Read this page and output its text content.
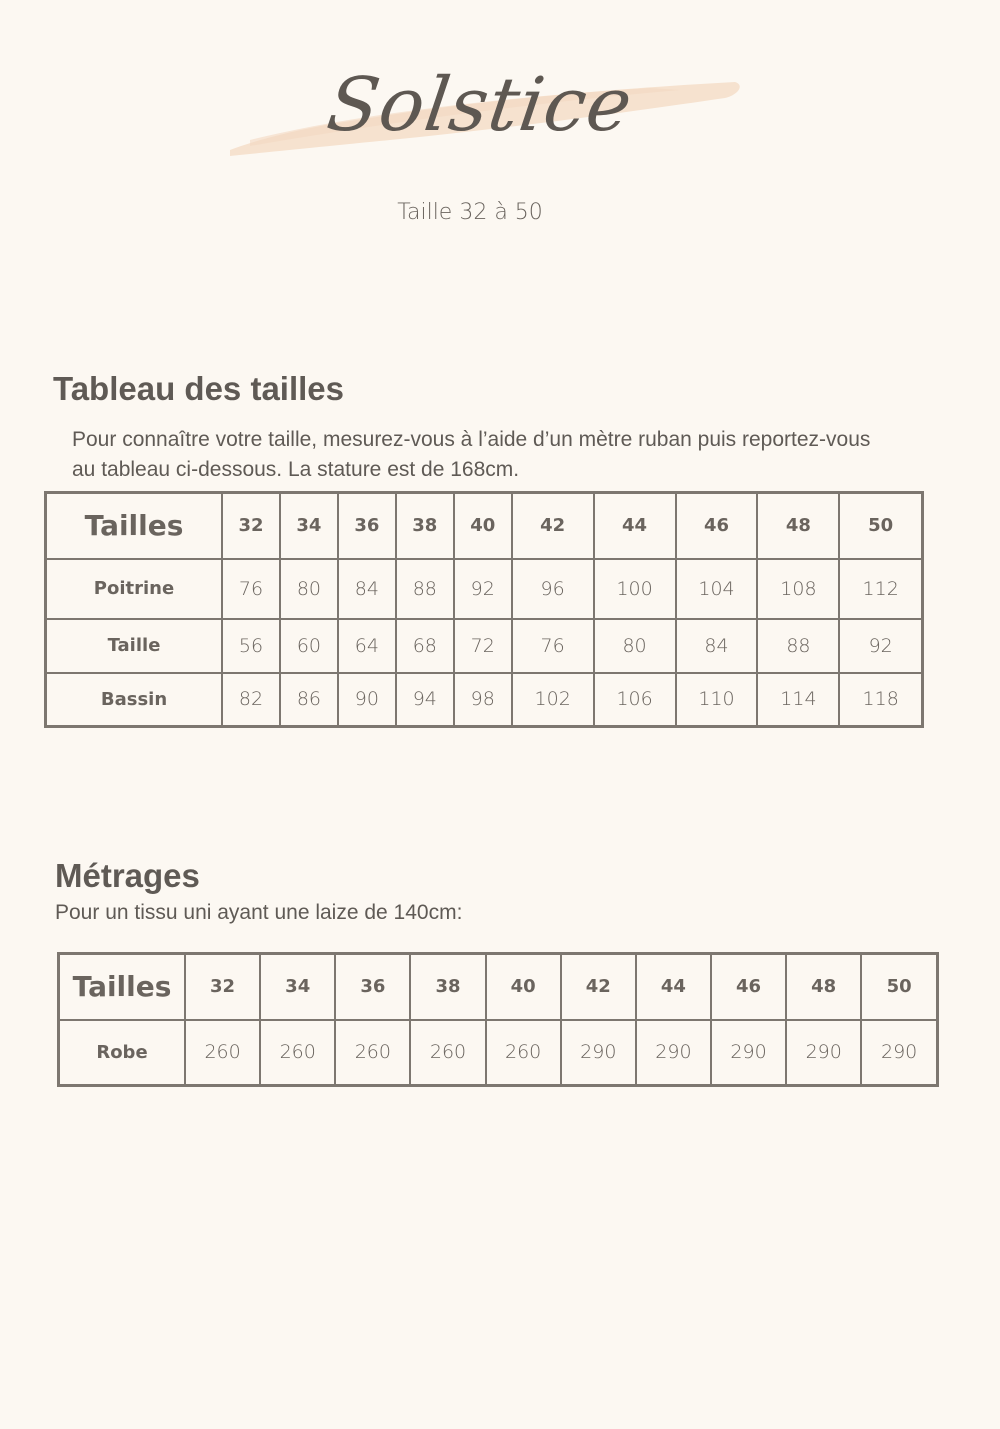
Solstice
Taille 32 à 50
Tableau des tailles
Pour connaître votre taille, mesurez-vous à l’aide d’un mètre ruban puis reportez-vous
au tableau ci-dessous. La stature est de 168cm.
Tailles	32	34	36	38	40	42	44	46	48	50
Poitrine	76	80	84	88	92	96	100	104	108	112
Taille	56	60	64	68	72	76	80	84	88	92
Bassin	82	86	90	94	98	102	106	110	114	118
Métrages
Pour un tissu uni ayant une laize de 140cm:
Tailles	32	34	36	38	40	42	44	46	48	50
Robe	260	260	260	260	260	290	290	290	290	290
